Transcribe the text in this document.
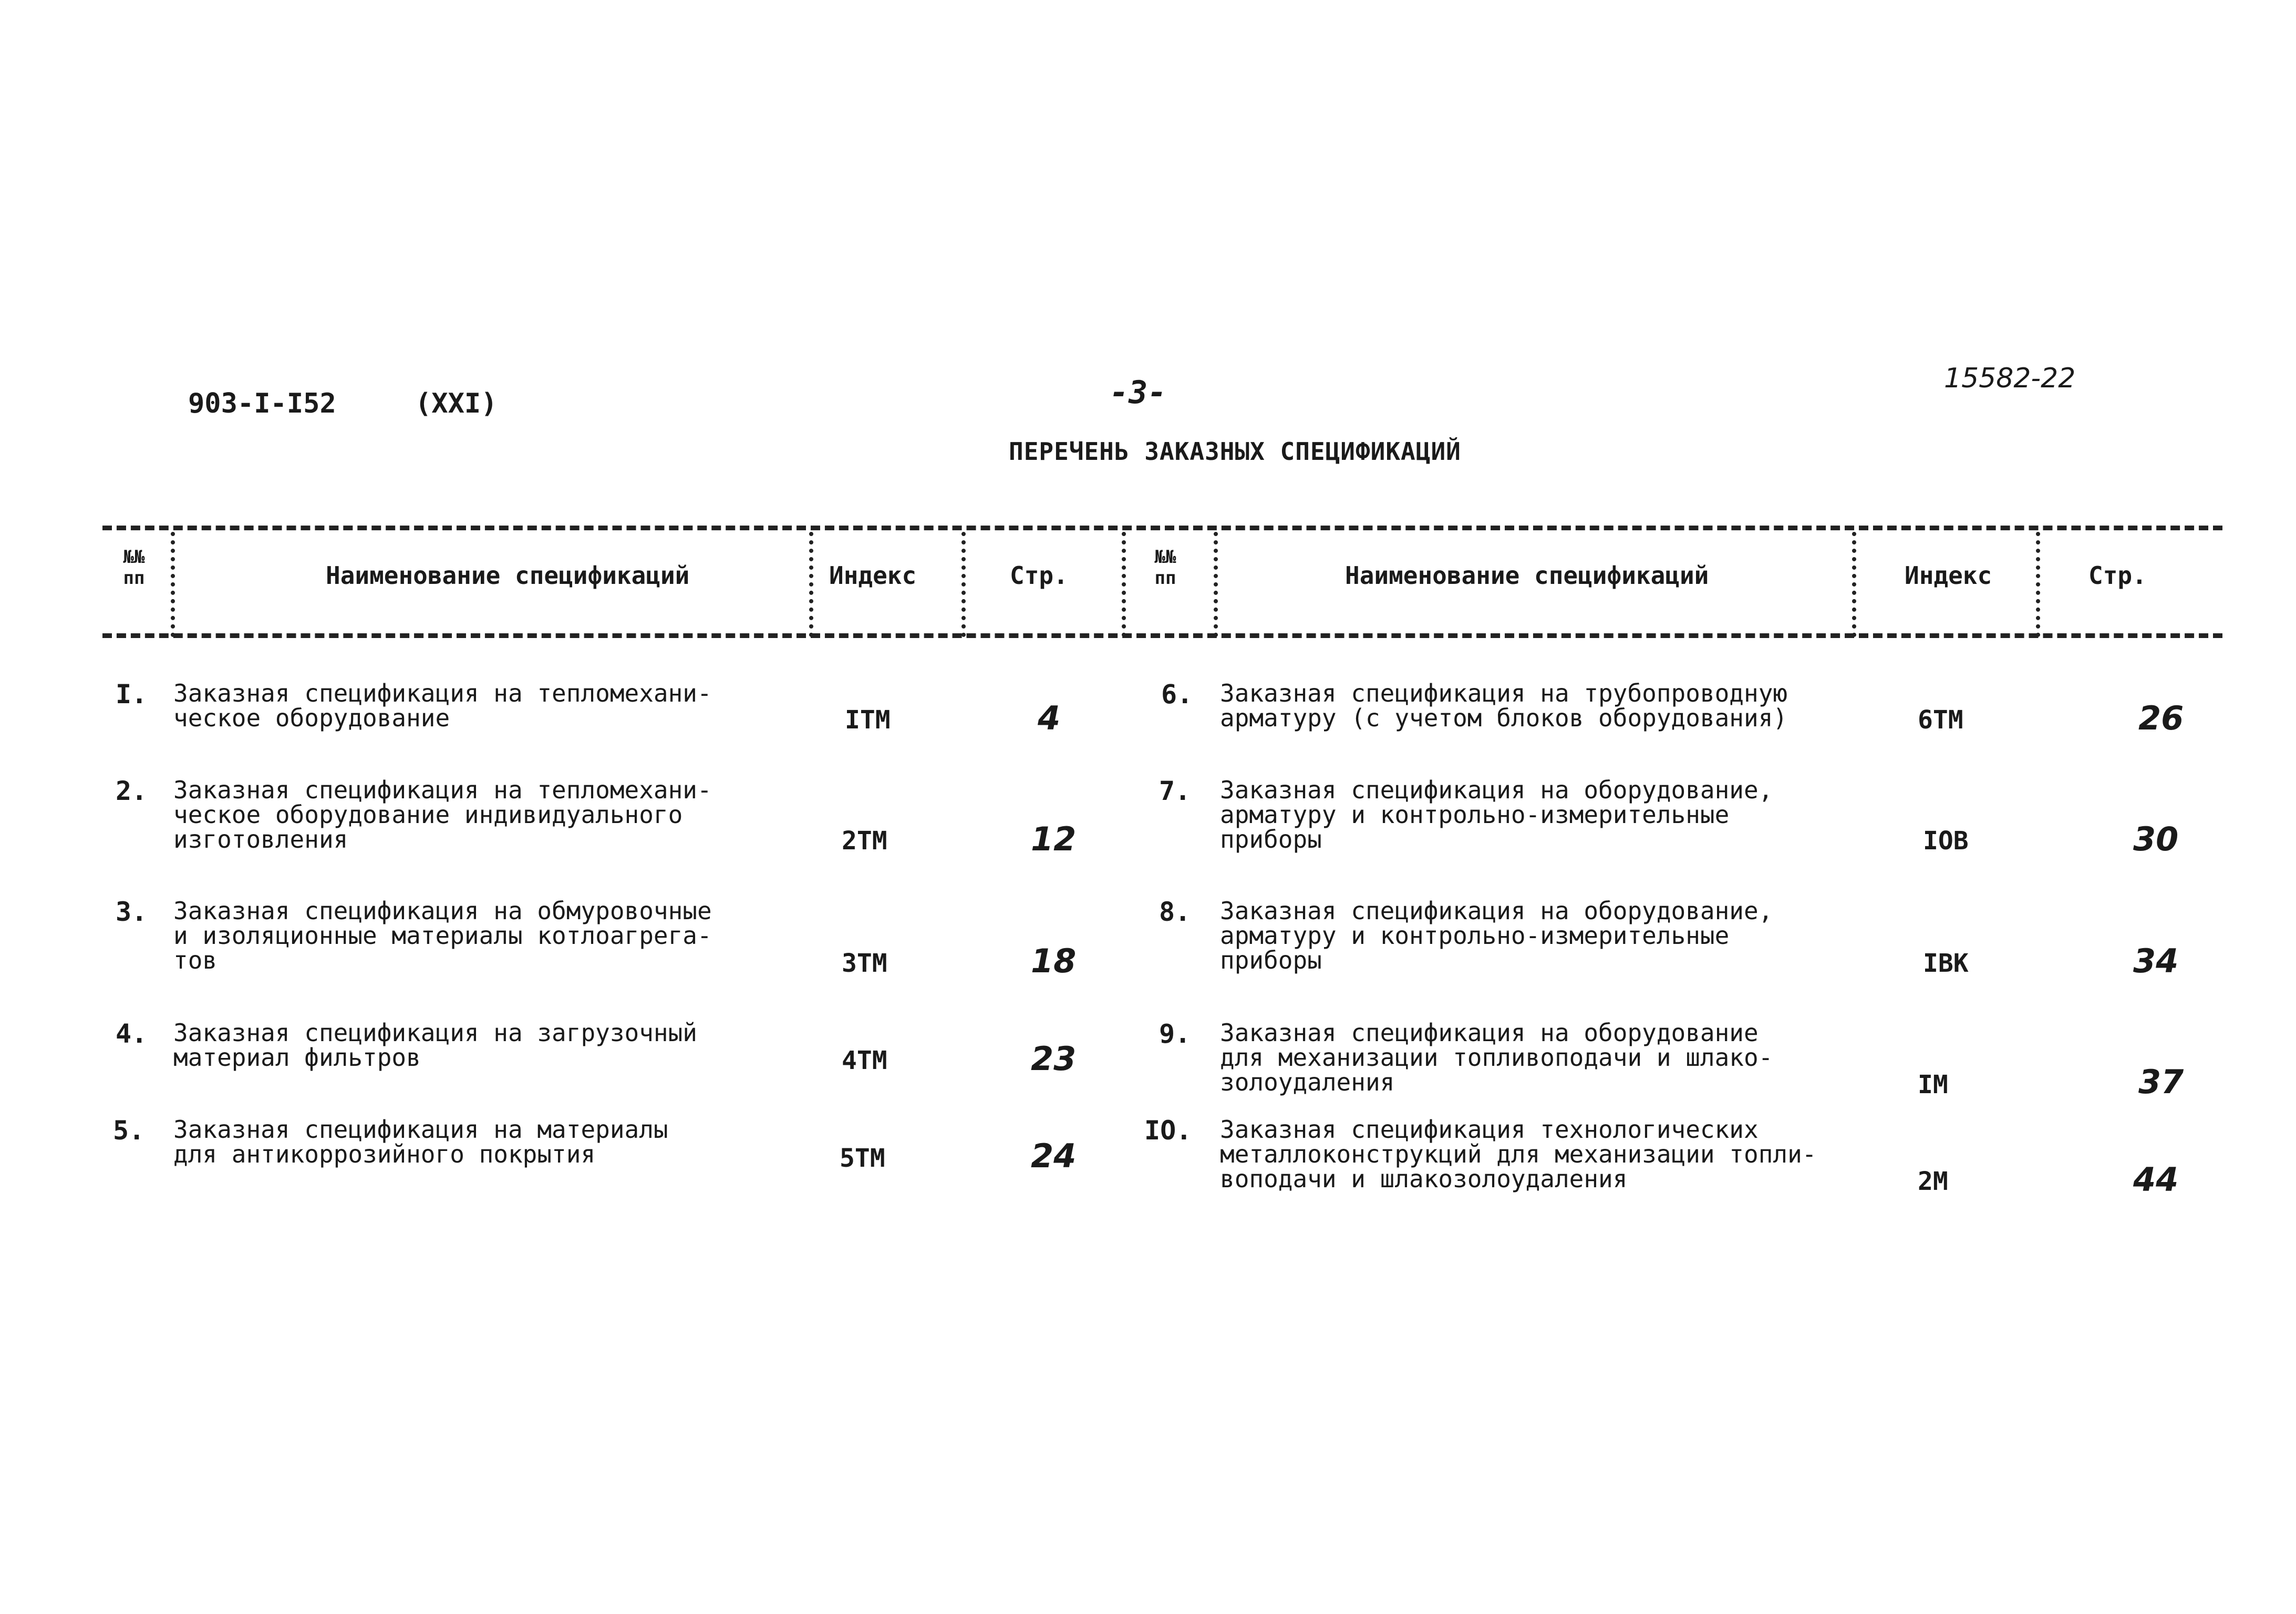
903-I-I52	(XXI)	-3-	15582-22
ПЕРЕЧЕНЬ ЗАКАЗНЫХ СПЕЦИФИКАЦИЙ
№№
пп	Наименование спецификаций	Индекс	Стр.
№№
пп	Наименование спецификаций	Индекс	Стр.
I. Заказная спецификация на тепломехани-
ческое оборудование	IТМ	4
2. Заказная спецификация на тепломехани-
ческое оборудование индивидуального
изготовления	2ТМ	12
3. Заказная спецификация на обмуровочные
и изоляционные материалы котлоагрега-
тов	3ТМ	18
4. Заказная спецификация на загрузочный
материал фильтров	4ТМ	23
5. Заказная спецификация на материалы
для антикоррозийного покрытия	5ТМ	24
6. Заказная спецификация на трубопроводную
арматуру (с учетом блоков оборудования)	6ТМ	26
7. Заказная спецификация на оборудование,
арматуру и контрольно-измерительные
приборы	IОВ	30
8. Заказная спецификация на оборудование,
арматуру и контрольно-измерительные
приборы	IВК	34
9. Заказная спецификация на оборудование
для механизации топливоподачи и шлако-
золоудаления	IМ	37
IO. Заказная спецификация технологических
металлоконструкций для механизации топли-
воподачи и шлакозолоудаления	2М	44
